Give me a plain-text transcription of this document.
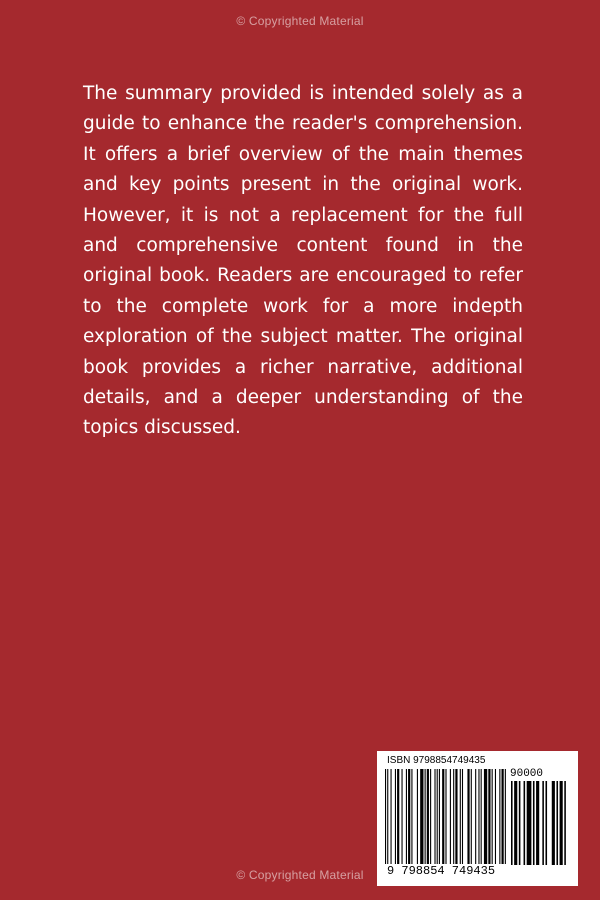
© Copyrighted Material

The summary provided is intended solely as a guide to enhance the reader's comprehension. It offers a brief overview of the main themes and key points present in the original work. However, it is not a replacement for the full and comprehensive content found in the original book. Readers are encouraged to refer to the complete work for a more indepth exploration of the subject matter. The original book provides a richer narrative, additional details, and a deeper understanding of the topics discussed.

ISBN 9798854749435
90000
9 798854 749435
© Copyrighted Material
